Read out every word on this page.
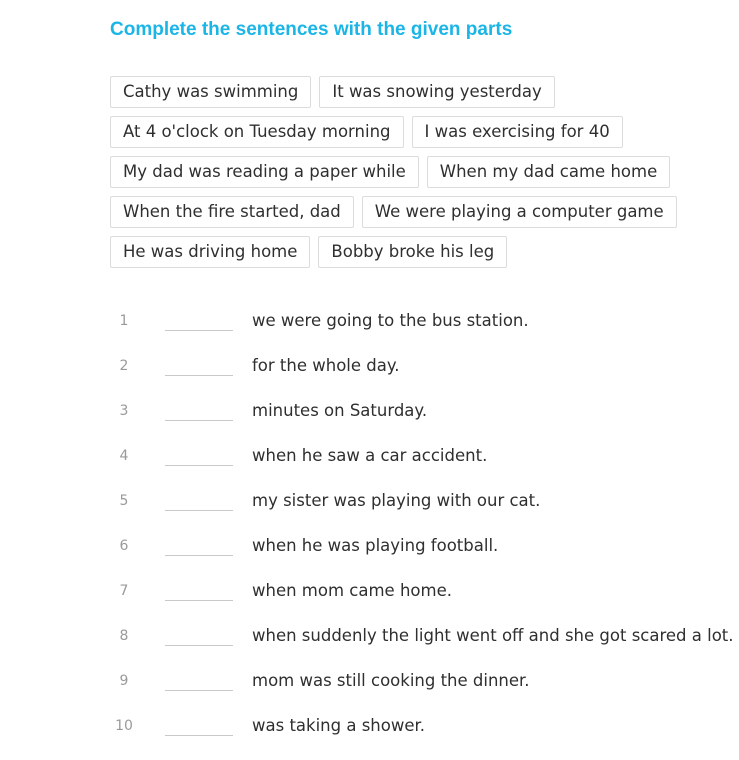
Complete the sentences with the given parts
Cathy was swimming	It was snowing yesterday
At 4 o'clock on Tuesday morning	I was exercising for 40
My dad was reading a paper while	When my dad came home
When the fire started, dad	We were playing a computer game
He was driving home	Bobby broke his leg
1	we were going to the bus station.
2	for the whole day.
3	minutes on Saturday.
4	when he saw a car accident.
5	my sister was playing with our cat.
6	when he was playing football.
7	when mom came home.
8	when suddenly the light went off and she got scared a lot.
9	mom was still cooking the dinner.
10	was taking a shower.
